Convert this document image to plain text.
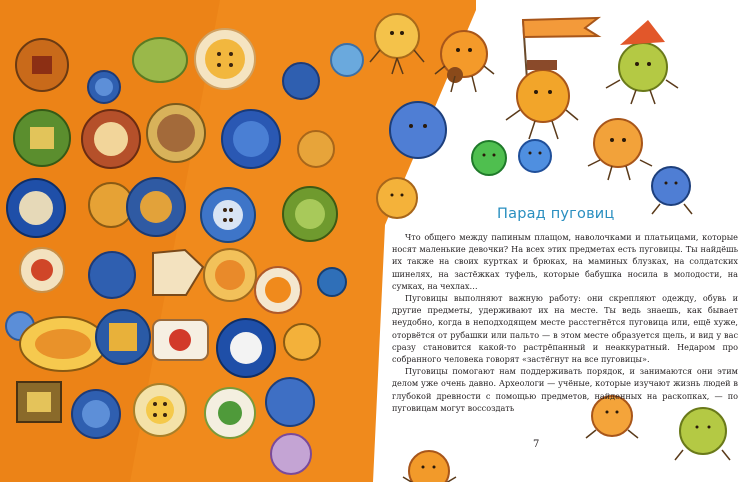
Парад пуговиц

Что общего между папиным плащом, наволочками и платьицами, которые носят маленькие девочки? На всех этих предметах есть пуговицы. Ты найдёшь их также на своих куртках и брюках, на маминых блузках, на солдатских шинелях, на застёжках туфель, которые бабушка носила в молодости, на сумках, на чехлах…

Пуговицы выполняют важную работу: они скрепляют одежду, обувь и другие предметы, удерживают их на месте. Ты ведь знаешь, как бывает неудобно, когда в неподходящем месте расстегнётся пуговица или, ещё хуже, оторвётся от рубашки или пальто — в этом месте образуется щель, и вид у вас сразу становится какой-то растрёпанный и неаккуратный. Недаром про собранного человека говорят «застёгнут на все пуговицы».

Пуговицы помогают нам поддерживать порядок, и занимаются они этим делом уже очень давно. Археологи — учёные, которые изучают жизнь людей в глубокой древности с помощью предметов, найденных на раскопках, — по пуговицам могут воссоздать

7
